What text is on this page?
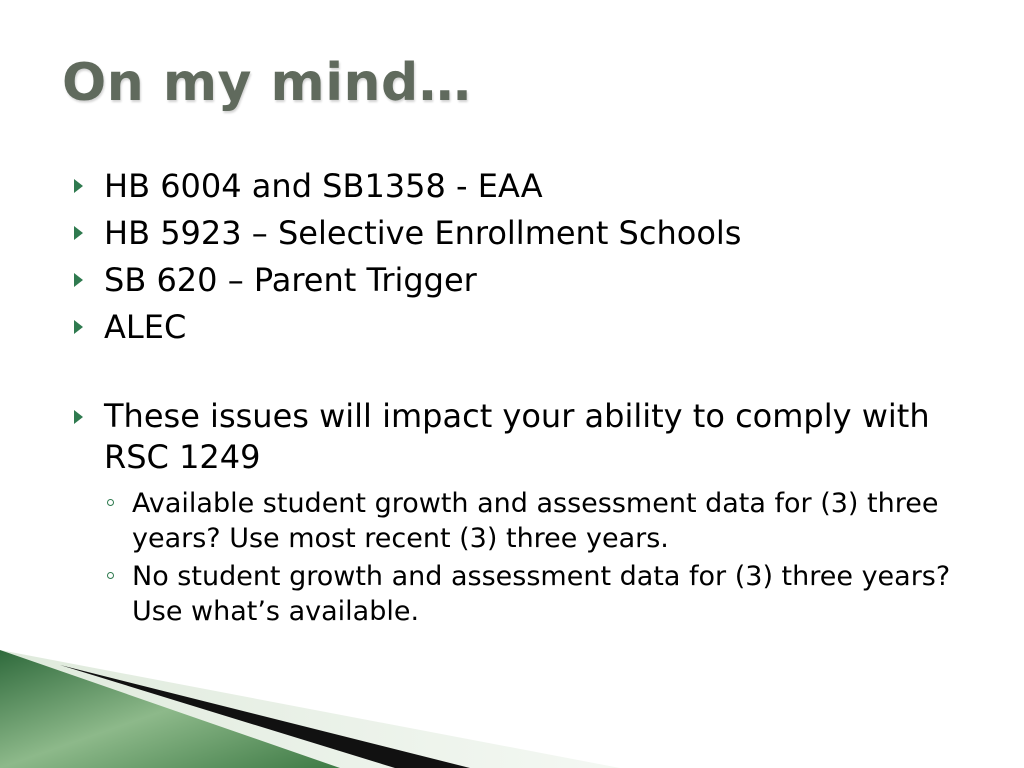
On my mind…
HB 6004 and SB1358 - EAA
HB 5923 – Selective Enrollment Schools
SB 620 – Parent Trigger
ALEC
These issues will impact your ability to comply with RSC 1249
Available student growth and assessment data for (3) three years? Use most recent (3) three years.
No student growth and assessment data for (3) three years? Use what’s available.
